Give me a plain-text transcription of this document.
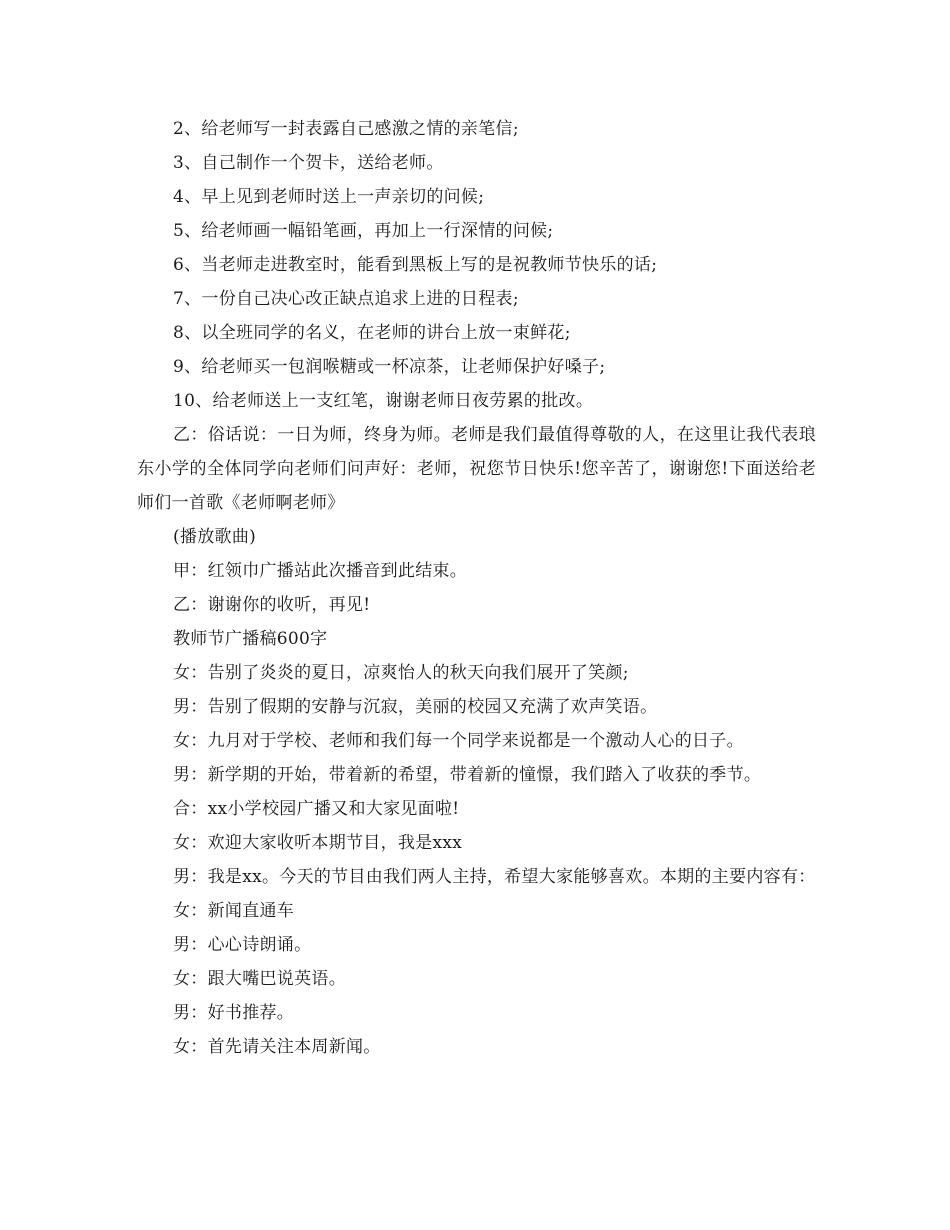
2、给老师写一封表露自己感激之情的亲笔信;

3、自己制作一个贺卡，送给老师。

4、早上见到老师时送上一声亲切的问候;

5、给老师画一幅铅笔画，再加上一行深情的问候;

6、当老师走进教室时，能看到黑板上写的是祝教师节快乐的话;

7、一份自己决心改正缺点追求上进的日程表;

8、以全班同学的名义，在老师的讲台上放一束鲜花;

9、给老师买一包润喉糖或一杯凉茶，让老师保护好嗓子;

10、给老师送上一支红笔，谢谢老师日夜劳累的批改。

乙：俗话说：一日为师，终身为师。老师是我们最值得尊敬的人，在这里让我代表琅东小学的全体同学向老师们问声好：老师，祝您节日快乐!您辛苦了，谢谢您!下面送给老师们一首歌《老师啊老师》

(播放歌曲)

甲：红领巾广播站此次播音到此结束。

乙：谢谢你的收听，再见!

教师节广播稿600字

女：告别了炎炎的夏日，凉爽怡人的秋天向我们展开了笑颜;

男：告别了假期的安静与沉寂，美丽的校园又充满了欢声笑语。

女：九月对于学校、老师和我们每一个同学来说都是一个激动人心的日子。

男：新学期的开始，带着新的希望，带着新的憧憬，我们踏入了收获的季节。

合：xx小学校园广播又和大家见面啦!

女：欢迎大家收听本期节目，我是xxx

男：我是xx。今天的节目由我们两人主持，希望大家能够喜欢。本期的主要内容有：

女：新闻直通车

男：心心诗朗诵。

女：跟大嘴巴说英语。

男：好书推荐。

女：首先请关注本周新闻。
